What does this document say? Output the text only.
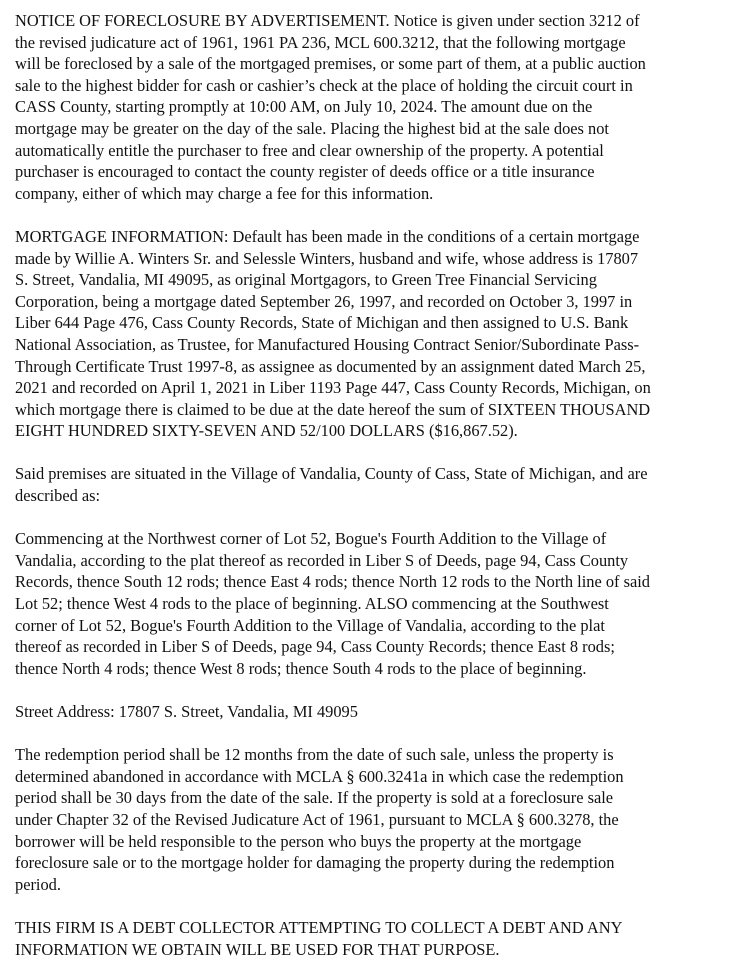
NOTICE OF FORECLOSURE BY ADVERTISEMENT. Notice is given under section 3212 of
the revised judicature act of 1961, 1961 PA 236, MCL 600.3212, that the following mortgage
will be foreclosed by a sale of the mortgaged premises, or some part of them, at a public auction
sale to the highest bidder for cash or cashier’s check at the place of holding the circuit court in
CASS County, starting promptly at 10:00 AM, on July 10, 2024. The amount due on the
mortgage may be greater on the day of the sale. Placing the highest bid at the sale does not
automatically entitle the purchaser to free and clear ownership of the property. A potential
purchaser is encouraged to contact the county register of deeds office or a title insurance
company, either of which may charge a fee for this information.

MORTGAGE INFORMATION: Default has been made in the conditions of a certain mortgage
made by Willie A. Winters Sr. and Selessle Winters, husband and wife, whose address is 17807
S. Street, Vandalia, MI 49095, as original Mortgagors, to Green Tree Financial Servicing
Corporation, being a mortgage dated September 26, 1997, and recorded on October 3, 1997 in
Liber 644 Page 476, Cass County Records, State of Michigan and then assigned to U.S. Bank
National Association, as Trustee, for Manufactured Housing Contract Senior/Subordinate Pass-
Through Certificate Trust 1997-8, as assignee as documented by an assignment dated March 25,
2021 and recorded on April 1, 2021 in Liber 1193 Page 447, Cass County Records, Michigan, on
which mortgage there is claimed to be due at the date hereof the sum of SIXTEEN THOUSAND
EIGHT HUNDRED SIXTY-SEVEN AND 52/100 DOLLARS ($16,867.52).

Said premises are situated in the Village of Vandalia, County of Cass, State of Michigan, and are
described as:

Commencing at the Northwest corner of Lot 52, Bogue's Fourth Addition to the Village of
Vandalia, according to the plat thereof as recorded in Liber S of Deeds, page 94, Cass County
Records, thence South 12 rods; thence East 4 rods; thence North 12 rods to the North line of said
Lot 52; thence West 4 rods to the place of beginning. ALSO commencing at the Southwest
corner of Lot 52, Bogue's Fourth Addition to the Village of Vandalia, according to the plat
thereof as recorded in Liber S of Deeds, page 94, Cass County Records; thence East 8 rods;
thence North 4 rods; thence West 8 rods; thence South 4 rods to the place of beginning.

Street Address: 17807 S. Street, Vandalia, MI 49095

The redemption period shall be 12 months from the date of such sale, unless the property is
determined abandoned in accordance with MCLA § 600.3241a in which case the redemption
period shall be 30 days from the date of the sale. If the property is sold at a foreclosure sale
under Chapter 32 of the Revised Judicature Act of 1961, pursuant to MCLA § 600.3278, the
borrower will be held responsible to the person who buys the property at the mortgage
foreclosure sale or to the mortgage holder for damaging the property during the redemption
period.

THIS FIRM IS A DEBT COLLECTOR ATTEMPTING TO COLLECT A DEBT AND ANY
INFORMATION WE OBTAIN WILL BE USED FOR THAT PURPOSE.
